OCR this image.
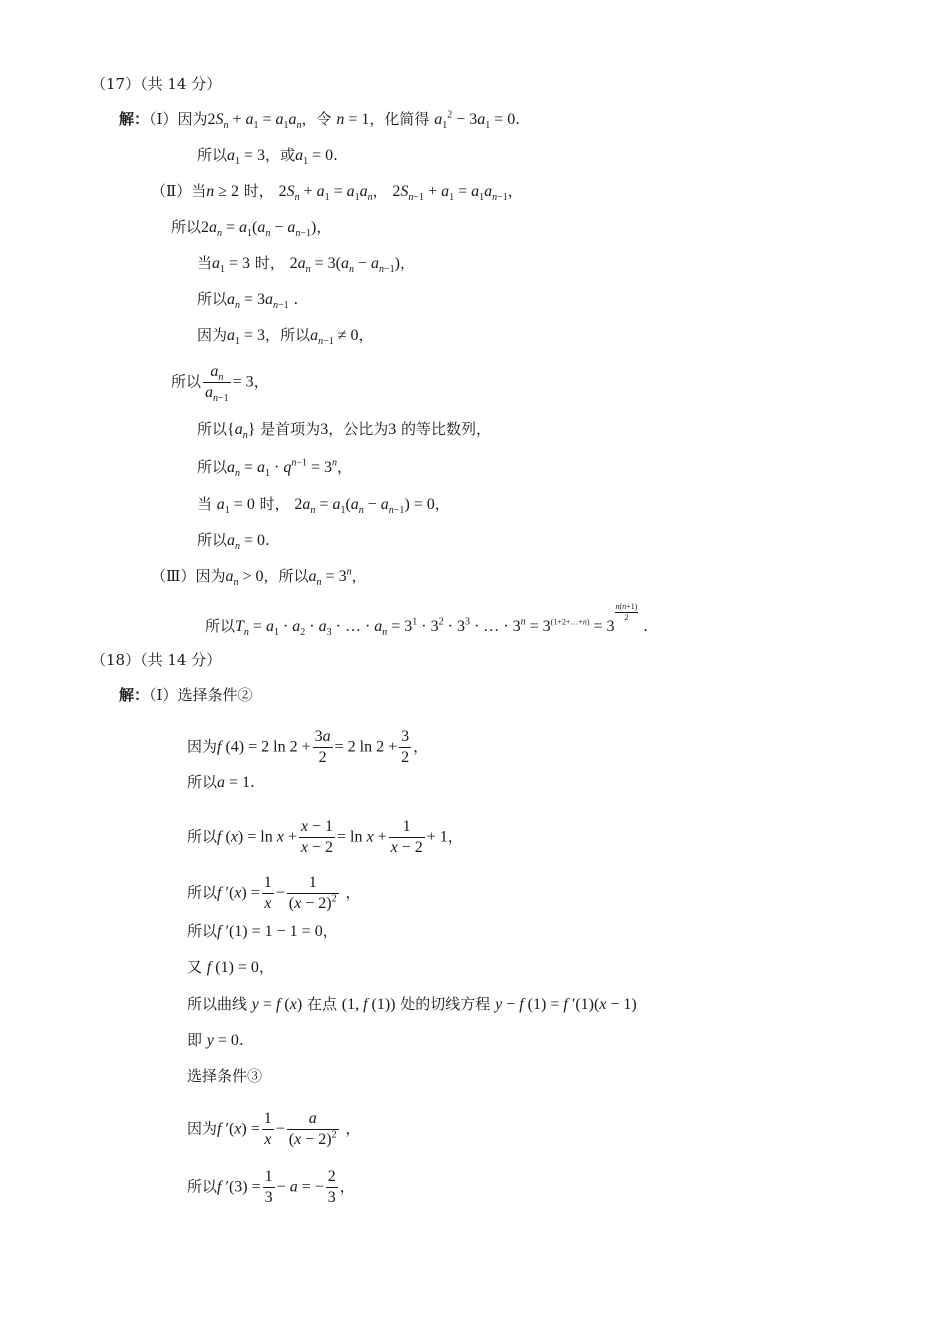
（17）（共 14 分）
解：（Ⅰ）因为$2S_n + a_1 = a_1a_n$，令 n = 1，化简得 $a_1^2 - 3a_1 = 0$.
所以$a_1 = 3$，或$a_1 = 0$.
（Ⅱ）当n ≥ 2 时， $2S_n + a_1 = a_1a_n$， $2S_{n-1} + a_1 = a_1a_{n-1}$，
所以$2a_n = a_1(a_n - a_{n-1})$，
当$a_1 = 3$ 时， $2a_n = 3(a_n - a_{n-1})$，
所以$a_n = 3a_{n-1}$ .
因为$a_1 = 3$，所以$a_{n-1} \ne 0$，
所以 $\frac{a_n}{a_{n-1}} = 3$，
所以$\{a_n\}$ 是首项为3，公比为3 的等比数列，
所以$a_n = a_1 \cdot q^{n-1} = 3^n$，
当 $a_1 = 0$ 时， $2a_n = a_1(a_n - a_{n-1}) = 0$，
所以$a_n = 0$.
（Ⅲ）因为$a_n > 0$，所以$a_n = 3^n$，
所以$T_n = a_1 \cdot a_2 \cdot a_3$ · … · $a_n = 3^1 \cdot 3^2 \cdot 3^3$ · … · $3^n = 3^{(1+2+\dots+n)} = 3$
$\frac{n(n+1)}{2}$
.
（18）（共 14 分）
解：（Ⅰ）选择条件②
因为f (4) = 2 $\ln 2 + \frac{3a}{2} = 2$ $\ln 2 + \frac{3}{2}$ ，
所以a = 1.
所以f $(x) = \ln x + \frac{x - 1}{x - 2} = \ln x + \frac{1}{x - 2} + 1$，
所以f $'(x) = \frac{1}{x} - \frac{1}{(x - 2)^2}$ ，
所以f ′(1) = 1 − 1 = 0，
又 f (1) = 0，
所以曲线 y = f (x) 在点 (1, f (1)) 处的切线方程 y − f (1) = f ′(1)(x − 1)
即 y = 0.
选择条件③
因为f $'(x) = \frac{1}{x} - \frac{a}{(x - 2)^2}$ ，
所以f $'(3) = \frac{1}{3} - a$ = − $\frac{2}{3}$ ，
